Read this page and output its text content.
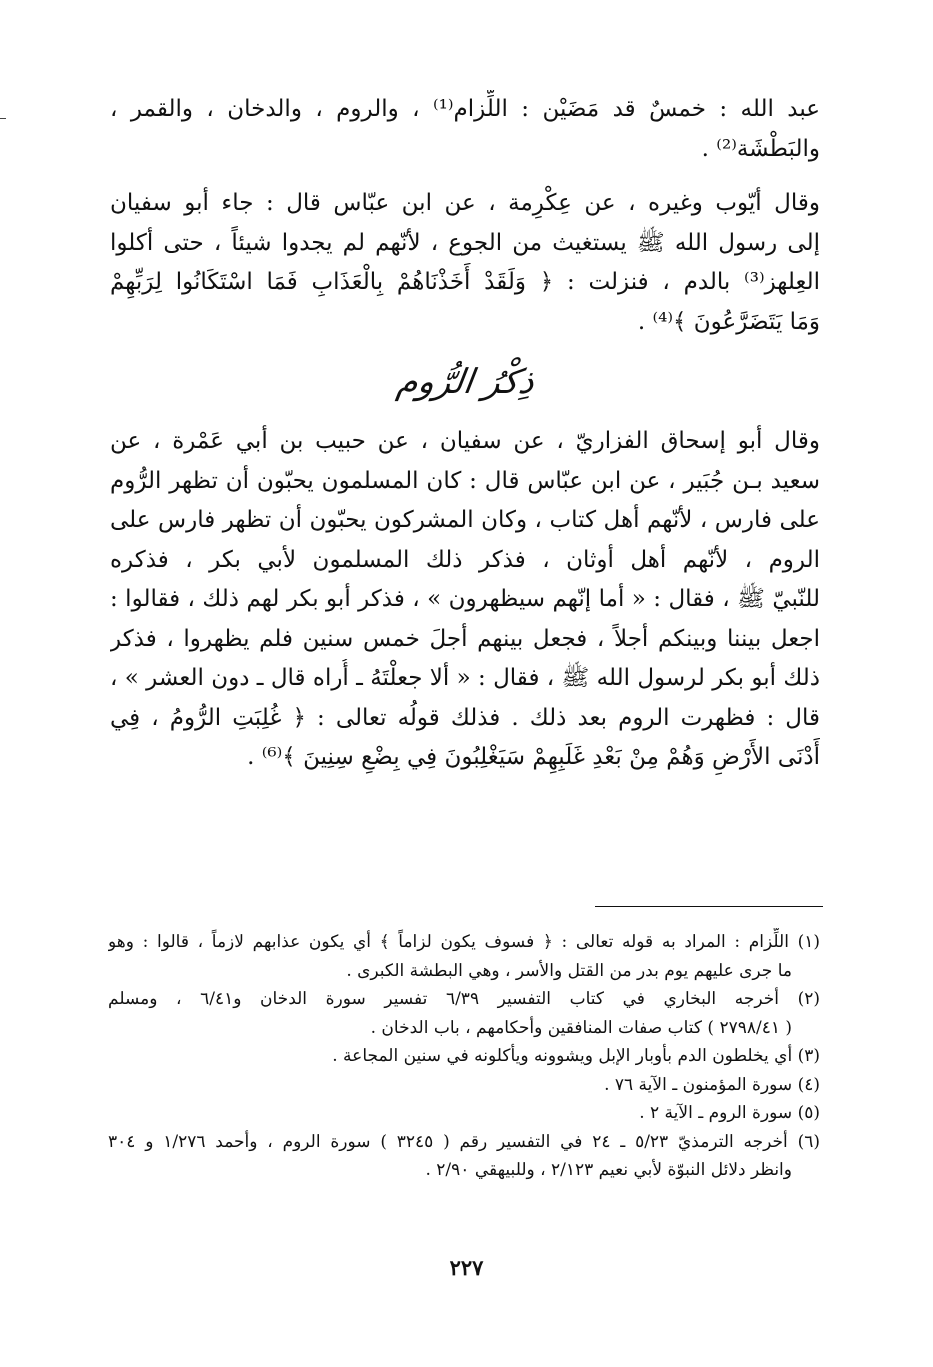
عبد الله : خمسٌ قد مَضَيْن : اللِّزام⁽¹⁾ ، والروم ، والدخان ، والقمر ،
والبَطْشَة⁽²⁾ .
وقال أيّوب وغيره ، عن عِكْرِمة ، عن ابن عبّاس قال : جاء أبو سفيان
إلى رسول الله ﷺ يستغيث من الجوع ، لأنّهم لم يجدوا شيئاً ، حتى أكلوا
العِلهز⁽³⁾ بالدم ، فنزلت : ﴿ وَلَقَدْ أَخَذْنَاهُمْ بِالْعَذَابِ فَمَا اسْتَكَانُوا لِرَبِّهِمْ
وَمَا يَتَضَرَّعُونَ ﴾⁽⁴⁾ .
ذِكْرُ الرُّوم
وقال أبو إسحاق الفزاريّ ، عن سفيان ، عن حبيب بن أبي عَمْرة ، عن
سعيد بـن جُبَير ، عن ابن عبّاس قال : كان المسلمون يحبّون أن تظهر الرُّوم
على فارس ، لأنّهم أهل كتاب ، وكان المشركون يحبّون أن تظهر فارس على
الروم ، لأنّهم أهل أوثان ، فذكر ذلك المسلمون لأبي بكر ، فذكره
للنّبيّ ﷺ ، فقال : « أما إنّهم سيظهرون » ، فذكر أبو بكر لهم ذلك ، فقالوا :
اجعل بيننا وبينكم أجلاً ، فجعل بينهم أجلَ خمس سنين فلم يظهروا ، فذكر
ذلك أبو بكر لرسول الله ﷺ ، فقال : « ألا جعلْتَهُ ـ أُراه قال ـ دون العشر » ،
قال : فظهرت الروم بعد ذلك . فذلك قولُه تعالى : ﴿ غُلِبَتِ الرُّومُ ، فِي
أَدْنَى الأَرْضِ وَهُمْ مِنْ بَعْدِ غَلَبِهِمْ سَيَغْلِبُونَ فِي بِضْعِ سِنِينَ ﴾⁽⁶⁾ .
(١) اللِّزام : المراد به قوله تعالى : ﴿ فسوف يكون لزاماً ﴾ أي يكون عذابهم لازماً ، قالوا : وهو
ما جرى عليهم يوم بدر من القتل والأسر ، وهي البطشة الكبرى .
(٢) أخرجه البخاري في كتاب التفسير ٦/٣٩ تفسير سورة الدخان و٦/٤١ ، ومسلم
( ٢٧٩٨/٤١ ) كتاب صفات المنافقين وأحكامهم ، باب الدخان .
(٣) أي يخلطون الدم بأوبار الإبل ويشوونه ويأكلونه في سنين المجاعة .
(٤) سورة المؤمنون ـ الآية ٧٦ .
(٥) سورة الروم ـ الآية ٢ .
(٦) أخرجه الترمذيّ ٥/٢٣ ـ ٢٤ في التفسير رقم ( ٣٢٤٥ ) سورة الروم ، وأحمد ١/٢٧٦ و ٣٠٤
وانظر دلائل النبوّة لأبي نعيم ٢/١٢٣ ، وللبيهقي ٢/٩٠ .
٢٢٧
